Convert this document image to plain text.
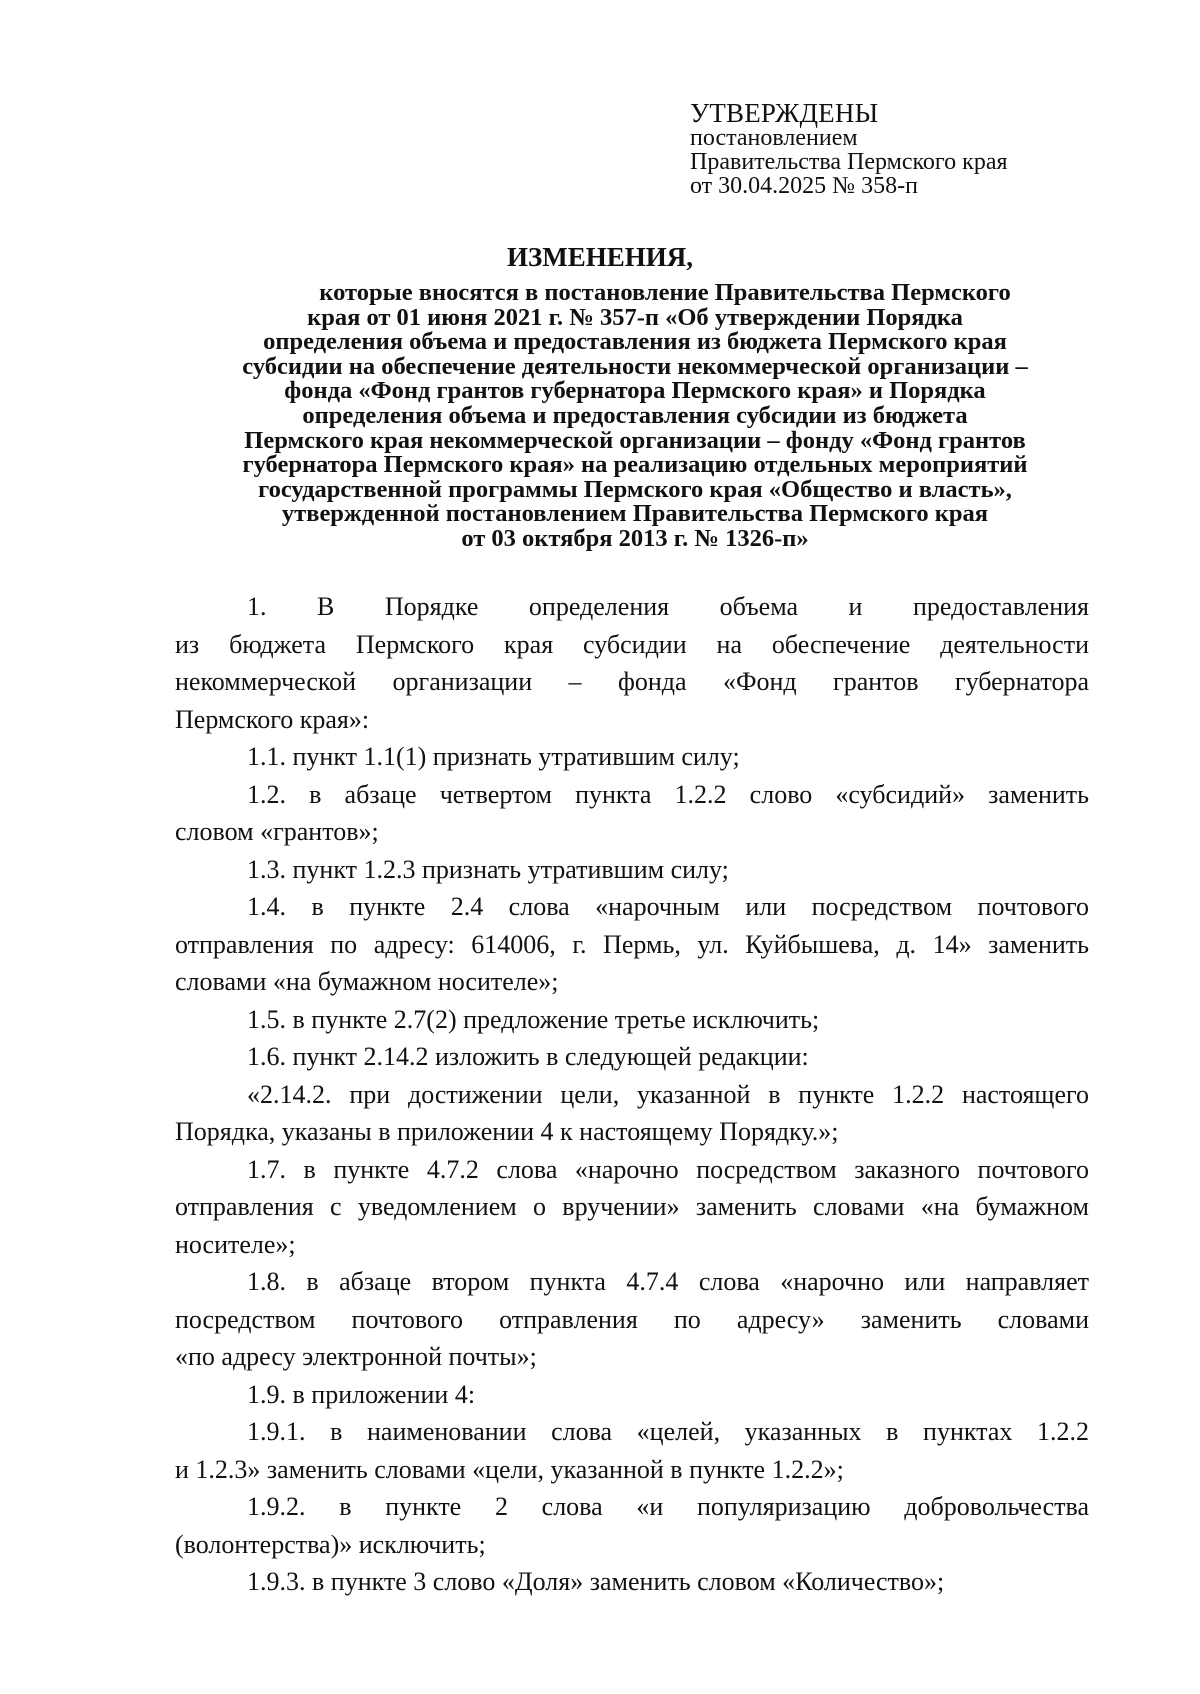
УТВЕРЖДЕНЫ
постановлением
Правительства Пермского края
от 30.04.2025 № 358-п
ИЗМЕНЕНИЯ,
которые вносятся в постановление Правительства Пермского
края от 01 июня 2021 г. № 357-п «Об утверждении Порядка
определения объема и предоставления из бюджета Пермского края
субсидии на обеспечение деятельности некоммерческой организации –
фонда «Фонд грантов губернатора Пермского края» и Порядка
определения объема и предоставления субсидии из бюджета
Пермского края некоммерческой организации – фонду «Фонд грантов
губернатора Пермского края» на реализацию отдельных мероприятий
государственной программы Пермского края «Общество и власть»,
утвержденной постановлением Правительства Пермского края
от 03 октября 2013 г. № 1326-п»
1. В Порядке определения объема и предоставления
из бюджета Пермского края субсидии на обеспечение деятельности
некоммерческой организации – фонда «Фонд грантов губернатора
Пермского края»:
1.1. пункт 1.1(1) признать утратившим силу;
1.2. в абзаце четвертом пункта 1.2.2 слово «субсидий» заменить
словом «грантов»;
1.3. пункт 1.2.3 признать утратившим силу;
1.4. в пункте 2.4 слова «нарочным или посредством почтового
отправления по адресу: 614006, г. Пермь, ул. Куйбышева, д. 14» заменить
словами «на бумажном носителе»;
1.5. в пункте 2.7(2) предложение третье исключить;
1.6. пункт 2.14.2 изложить в следующей редакции:
«2.14.2. при достижении цели, указанной в пункте 1.2.2 настоящего
Порядка, указаны в приложении 4 к настоящему Порядку.»;
1.7. в пункте 4.7.2 слова «нарочно посредством заказного почтового
отправления с уведомлением о вручении» заменить словами «на бумажном
носителе»;
1.8. в абзаце втором пункта 4.7.4 слова «нарочно или направляет
посредством почтового отправления по адресу» заменить словами
«по адресу электронной почты»;
1.9. в приложении 4:
1.9.1. в наименовании слова «целей, указанных в пунктах 1.2.2
и 1.2.3» заменить словами «цели, указанной в пункте 1.2.2»;
1.9.2. в пункте 2 слова «и популяризацию добровольчества
(волонтерства)» исключить;
1.9.3. в пункте 3 слово «Доля» заменить словом «Количество»;
